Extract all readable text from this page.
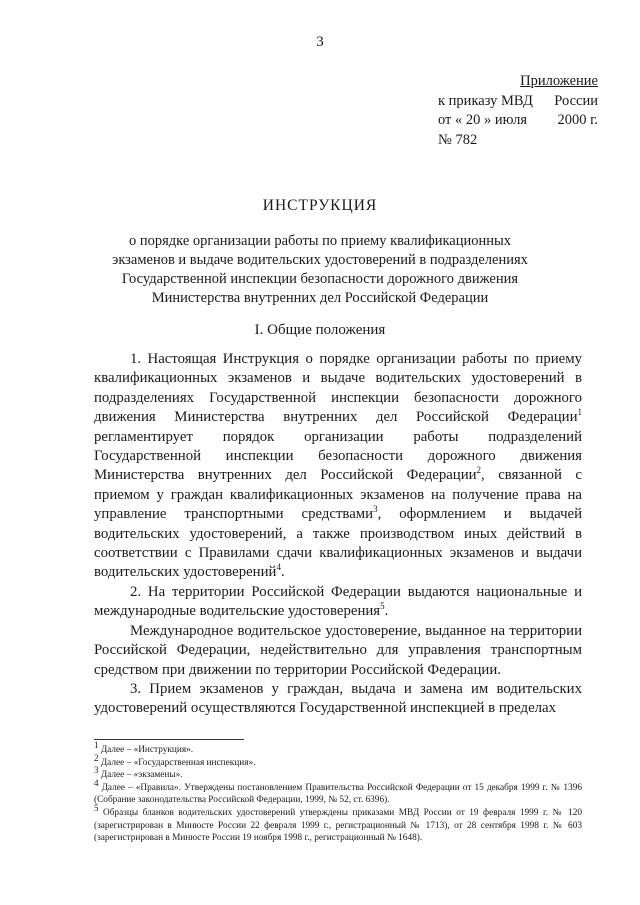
3
Приложение
к приказу МВД России
от « 20 » июля 2000 г.
№ 782
ИНСТРУКЦИЯ
о порядке организации работы по приему квалификационных
экзаменов и выдаче водительских удостоверений в подразделениях
Государственной инспекции безопасности дорожного движения
Министерства внутренних дел Российской Федерации
I. Общие положения

1. Настоящая Инструкция о порядке организации работы по приему квалификационных экзаменов и выдаче водительских удостоверений в подразделениях Государственной инспекции безопасности дорожного движения Министерства внутренних дел Российской Федерации$^1$ регламентирует порядок организации работы подразделений Государственной инспекции безопасности дорожного движения Министерства внутренних дел Российской Федерации$^2$, связанной с приемом у граждан квалификационных экзаменов на получение права на управление транспортными средствами$^3$, оформлением и выдачей водительских удостоверений, а также производством иных действий в соответствии с Правилами сдачи квалификационных экзаменов и выдачи водительских удостоверений$^4$.

2. На территории Российской Федерации выдаются национальные и международные водительские удостоверения$^5$.

Международное водительское удостоверение, выданное на территории Российской Федерации, недействительно для управления транспортным средством при движении по территории Российской Федерации.

3. Прием экзаменов у граждан, выдача и замена им водительских удостоверений осуществляются Государственной инспекцией в пределах

$^1$ Далее – «Инструкция».

$^2$ Далее – «Государственная инспекция».

$^3$ Далее – «экзамены».

$^4$ Далее – «Правила». Утверждены постановлением Правительства Российской Федерации от 15 декабря 1999 г. № 1396 (Собрание законодательства Российской Федерации, 1999, № 52, ст. 6396).

$^5$ Образцы бланков водительских удостоверений утверждены приказами МВД России от 19 февраля 1999 г. № 120 (зарегистрирован в Минюсте России 22 февраля 1999 г., регистрационный № 1713), от 28 сентября 1998 г. № 603 (зарегистрирован в Минюсте России 19 ноября 1998 г., регистрационный № 1648).
